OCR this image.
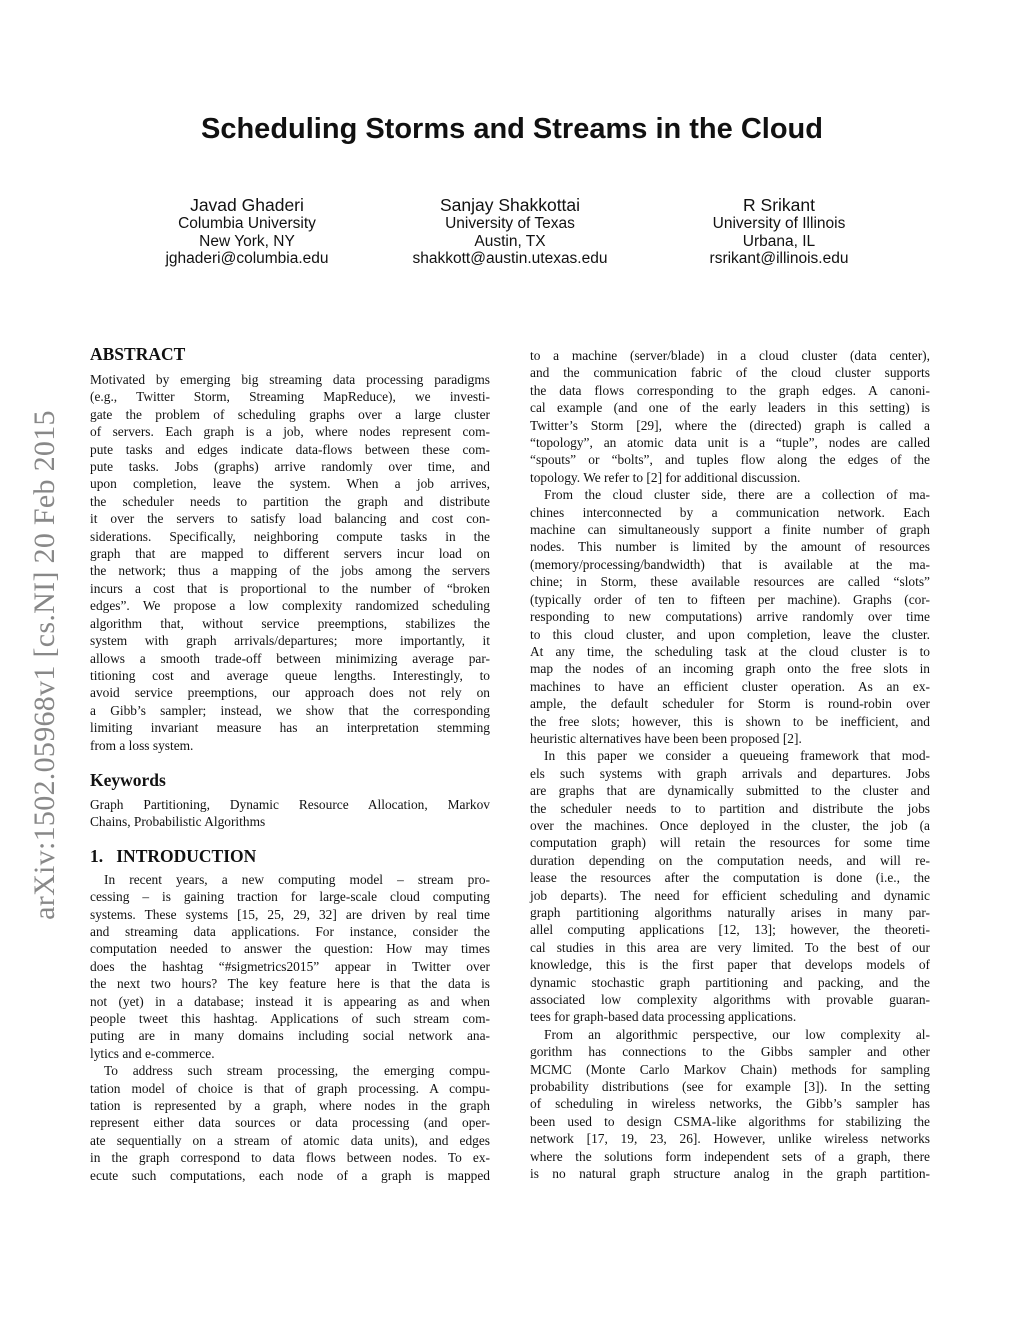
Scheduling Storms and Streams in the Cloud
Javad Ghaderi
Columbia University
New York, NY
jghaderi@columbia.edu
Sanjay Shakkottai
University of Texas
Austin, TX
shakkott@austin.utexas.edu
R Srikant
University of Illinois
Urbana, IL
rsrikant@illinois.edu
arXiv:1502.05968v1 [cs.NI] 20 Feb 2015
ABSTRACT
Motivated by emerging big streaming data processing paradigms
(e.g., Twitter Storm, Streaming MapReduce), we investi-
gate the problem of scheduling graphs over a large cluster
of servers. Each graph is a job, where nodes represent com-
pute tasks and edges indicate data-flows between these com-
pute tasks. Jobs (graphs) arrive randomly over time, and
upon completion, leave the system. When a job arrives,
the scheduler needs to partition the graph and distribute
it over the servers to satisfy load balancing and cost con-
siderations. Specifically, neighboring compute tasks in the
graph that are mapped to different servers incur load on
the network; thus a mapping of the jobs among the servers
incurs a cost that is proportional to the number of “broken
edges”. We propose a low complexity randomized scheduling
algorithm that, without service preemptions, stabilizes the
system with graph arrivals/departures; more importantly, it
allows a smooth trade-off between minimizing average par-
titioning cost and average queue lengths. Interestingly, to
avoid service preemptions, our approach does not rely on
a Gibb’s sampler; instead, we show that the corresponding
limiting invariant measure has an interpretation stemming
from a loss system.
Keywords
Graph Partitioning, Dynamic Resource Allocation, Markov
Chains, Probabilistic Algorithms
1.   INTRODUCTION
In recent years, a new computing model – stream pro-
cessing – is gaining traction for large-scale cloud computing
systems. These systems [15, 25, 29, 32] are driven by real time
and streaming data applications. For instance, consider the
computation needed to answer the question: How may times
does the hashtag “#sigmetrics2015” appear in Twitter over
the next two hours? The key feature here is that the data is
not (yet) in a database; instead it is appearing as and when
people tweet this hashtag. Applications of such stream com-
puting are in many domains including social network ana-
lytics and e-commerce.
To address such stream processing, the emerging compu-
tation model of choice is that of graph processing. A compu-
tation is represented by a graph, where nodes in the graph
represent either data sources or data processing (and oper-
ate sequentially on a stream of atomic data units), and edges
in the graph correspond to data flows between nodes. To ex-
ecute such computations, each node of a graph is mapped
to a machine (server/blade) in a cloud cluster (data center),
and the communication fabric of the cloud cluster supports
the data flows corresponding to the graph edges. A canoni-
cal example (and one of the early leaders in this setting) is
Twitter’s Storm [29], where the (directed) graph is called a
“topology”, an atomic data unit is a “tuple”, nodes are called
“spouts” or “bolts”, and tuples flow along the edges of the
topology. We refer to [2] for additional discussion.
From the cloud cluster side, there are a collection of ma-
chines interconnected by a communication network. Each
machine can simultaneously support a finite number of graph
nodes. This number is limited by the amount of resources
(memory/processing/bandwidth) that is available at the ma-
chine; in Storm, these available resources are called “slots”
(typically order of ten to fifteen per machine). Graphs (cor-
responding to new computations) arrive randomly over time
to this cloud cluster, and upon completion, leave the cluster.
At any time, the scheduling task at the cloud cluster is to
map the nodes of an incoming graph onto the free slots in
machines to have an efficient cluster operation. As an ex-
ample, the default scheduler for Storm is round-robin over
the free slots; however, this is shown to be inefficient, and
heuristic alternatives have been been proposed [2].
In this paper we consider a queueing framework that mod-
els such systems with graph arrivals and departures. Jobs
are graphs that are dynamically submitted to the cluster and
the scheduler needs to to partition and distribute the jobs
over the machines. Once deployed in the cluster, the job (a
computation graph) will retain the resources for some time
duration depending on the computation needs, and will re-
lease the resources after the computation is done (i.e., the
job departs). The need for efficient scheduling and dynamic
graph partitioning algorithms naturally arises in many par-
allel computing applications [12, 13]; however, the theoreti-
cal studies in this area are very limited. To the best of our
knowledge, this is the first paper that develops models of
dynamic stochastic graph partitioning and packing, and the
associated low complexity algorithms with provable guaran-
tees for graph-based data processing applications.
From an algorithmic perspective, our low complexity al-
gorithm has connections to the Gibbs sampler and other
MCMC (Monte Carlo Markov Chain) methods for sampling
probability distributions (see for example [3]). In the setting
of scheduling in wireless networks, the Gibb’s sampler has
been used to design CSMA-like algorithms for stabilizing the
network [17, 19, 23, 26]. However, unlike wireless networks
where the solutions form independent sets of a graph, there
is no natural graph structure analog in the graph partition-
